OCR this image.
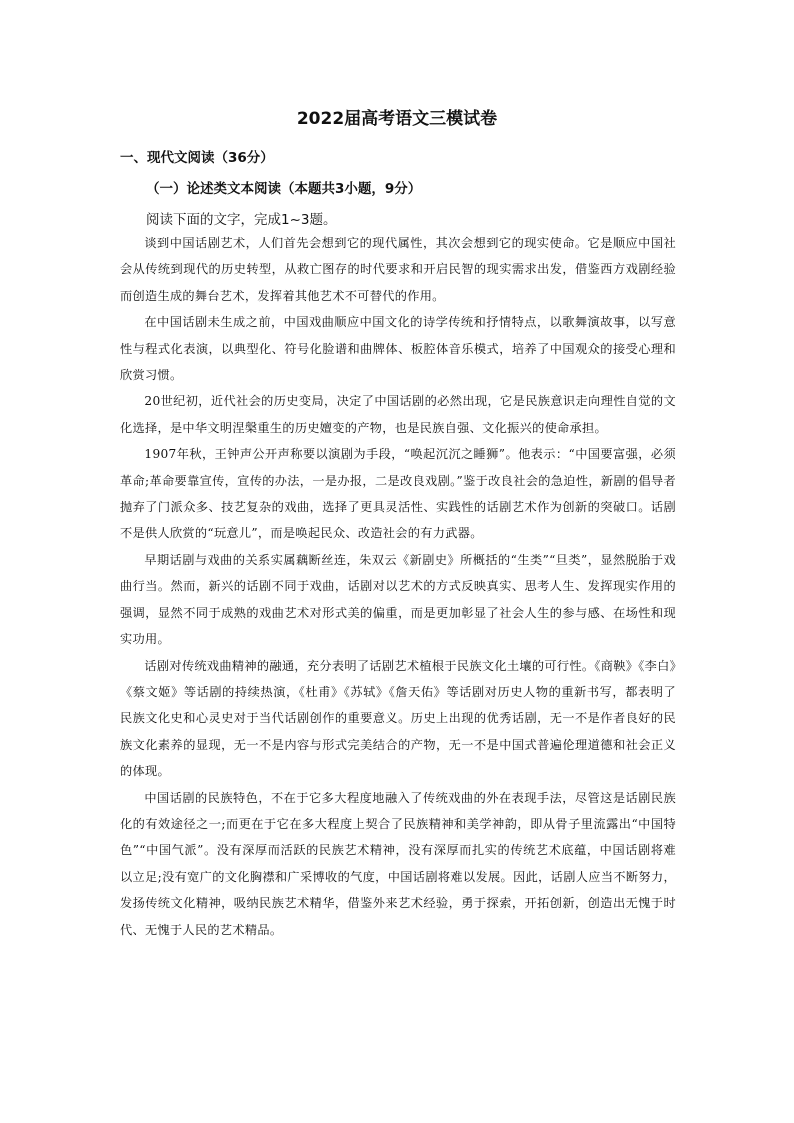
2022届高考语文三模试卷
一、现代文阅读（36分）
（一）论述类文本阅读（本题共3小题，9分）
阅读下面的文字，完成1~3题。

谈到中国话剧艺术，人们首先会想到它的现代属性，其次会想到它的现实使命。它是顺应中国社会从传统到现代的历史转型，从救亡图存的时代要求和开启民智的现实需求出发，借鉴西方戏剧经验而创造生成的舞台艺术，发挥着其他艺术不可替代的作用。

在中国话剧未生成之前，中国戏曲顺应中国文化的诗学传统和抒情特点，以歌舞演故事，以写意性与程式化表演，以典型化、符号化脸谱和曲牌体、板腔体音乐模式，培养了中国观众的接受心理和欣赏习惯。

20世纪初，近代社会的历史变局，决定了中国话剧的必然出现，它是民族意识走向理性自觉的文化选择，是中华文明涅槃重生的历史嬗变的产物，也是民族自强、文化振兴的使命承担。

1907年秋，王钟声公开声称要以演剧为手段，“唤起沉沉之睡狮”。他表示：“中国要富强，必须革命;革命要靠宣传，宣传的办法，一是办报，二是改良戏剧。”鉴于改良社会的急迫性，新剧的倡导者抛弃了门派众多、技艺复杂的戏曲，选择了更具灵活性、实践性的话剧艺术作为创新的突破口。话剧不是供人欣赏的“玩意儿”，而是唤起民众、改造社会的有力武器。

早期话剧与戏曲的关系实属藕断丝连，朱双云《新剧史》所概括的“生类”“旦类”，显然脱胎于戏曲行当。然而，新兴的话剧不同于戏曲，话剧对以艺术的方式反映真实、思考人生、发挥现实作用的强调，显然不同于成熟的戏曲艺术对形式美的偏重，而是更加彰显了社会人生的参与感、在场性和现实功用。

话剧对传统戏曲精神的融通，充分表明了话剧艺术植根于民族文化土壤的可行性。《商鞅》《李白》《蔡文姬》等话剧的持续热演，《杜甫》《苏轼》《詹天佑》等话剧对历史人物的重新书写，都表明了民族文化史和心灵史对于当代话剧创作的重要意义。历史上出现的优秀话剧，无一不是作者良好的民族文化素养的显现，无一不是内容与形式完美结合的产物，无一不是中国式普遍伦理道德和社会正义的体现。

中国话剧的民族特色，不在于它多大程度地融入了传统戏曲的外在表现手法，尽管这是话剧民族化的有效途径之一;而更在于它在多大程度上契合了民族精神和美学神韵，即从骨子里流露出“中国特色”“中国气派”。没有深厚而活跃的民族艺术精神，没有深厚而扎实的传统艺术底蕴，中国话剧将难以立足;没有宽广的文化胸襟和广采博收的气度，中国话剧将难以发展。因此，话剧人应当不断努力，发扬传统文化精神，吸纳民族艺术精华，借鉴外来艺术经验，勇于探索，开拓创新，创造出无愧于时代、无愧于人民的艺术精品。
